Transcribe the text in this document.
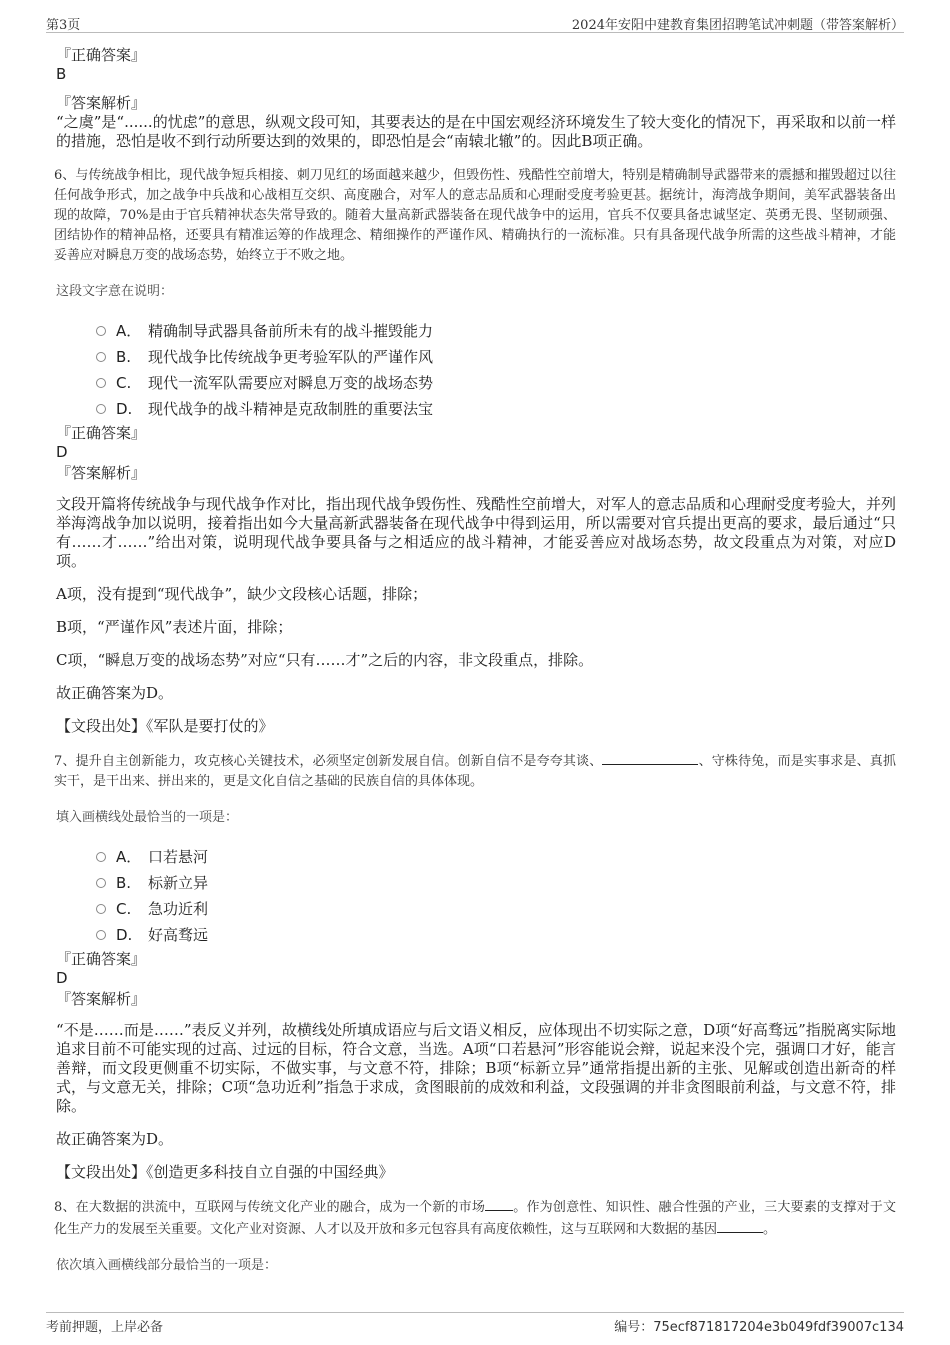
第3页	2024年安阳中建教育集团招聘笔试冲刺题（带答案解析）
『正确答案』
B
『答案解析』
“之虞”是“......的忧虑”的意思，纵观文段可知，其要表达的是在中国宏观经济环境发生了较大变化的情况下，再采取和以前一样的措施，恐怕是收不到行动所要达到的效果的，即恐怕是会“南辕北辙”的。因此B项正确。
6、与传统战争相比，现代战争短兵相接、刺刀见红的场面越来越少，但毁伤性、残酷性空前增大，特别是精确制导武器带来的震撼和摧毁超过以往任何战争形式，加之战争中兵战和心战相互交织、高度融合，对军人的意志品质和心理耐受度考验更甚。据统计，海湾战争期间，美军武器装备出现的故障，70%是由于官兵精神状态失常导致的。随着大量高新武器装备在现代战争中的运用，官兵不仅要具备忠诚坚定、英勇无畏、坚韧顽强、团结协作的精神品格，还要具有精准运筹的作战理念、精细操作的严谨作风、精确执行的一流标准。只有具备现代战争所需的这些战斗精神，才能妥善应对瞬息万变的战场态势，始终立于不败之地。
这段文字意在说明：
A． 精确制导武器具备前所未有的战斗摧毁能力
B. 现代战争比传统战争更考验军队的严谨作风
C. 现代一流军队需要应对瞬息万变的战场态势
D. 现代战争的战斗精神是克敌制胜的重要法宝
『正确答案』
D
『答案解析』
文段开篇将传统战争与现代战争作对比，指出现代战争毁伤性、残酷性空前增大，对军人的意志品质和心理耐受度考验大，并列举海湾战争加以说明，接着指出如今大量高新武器装备在现代战争中得到运用，所以需要对官兵提出更高的要求，最后通过“只有……才……”给出对策，说明现代战争要具备与之相适应的战斗精神，才能妥善应对战场态势，故文段重点为对策，对应D项。
A项，没有提到“现代战争”，缺少文段核心话题，排除；
B项，“严谨作风”表述片面，排除；
C项，“瞬息万变的战场态势”对应“只有……才”之后的内容，非文段重点，排除。
故正确答案为D。
【文段出处】《军队是要打仗的》
7、提升自主创新能力，攻克核心关键技术，必须坚定创新发展自信。创新自信不是夸夸其谈、	、守株待兔，而是实事求是、真抓实干，是干出来、拼出来的，更是文化自信之基础的民族自信的具体体现。
填入画横线处最恰当的一项是：
A． 口若悬河
B. 标新立异
C. 急功近利
D. 好高骛远
『正确答案』
D
『答案解析』
“不是……而是……”表反义并列，故横线处所填成语应与后文语义相反，应体现出不切实际之意，D项“好高骛远”指脱离实际地追求目前不可能实现的过高、过远的目标，符合文意，当选。A项“口若悬河”形容能说会辩，说起来没个完，强调口才好，能言善辩，而文段更侧重不切实际，不做实事，与文意不符，排除；B项“标新立异”通常指提出新的主张、见解或创造出新奇的样式，与文意无关，排除；C项“急功近利”指急于求成，贪图眼前的成效和利益，文段强调的并非贪图眼前利益，与文意不符，排除。
故正确答案为D。
【文段出处】《创造更多科技自立自强的中国经典》
8、在大数据的洪流中，互联网与传统文化产业的融合，成为一个新的市场 。作为创意性、知识性、融合性强的产业，三大要素的支撑对于文化生产力的发展至关重要。文化产业对资源、人才以及开放和多元包容具有高度依赖性，这与互联网和大数据的基因	。
依次填入画横线部分最恰当的一项是：
考前押题，上岸必备	编号：75ecf871817204e3b049fdf39007c134
